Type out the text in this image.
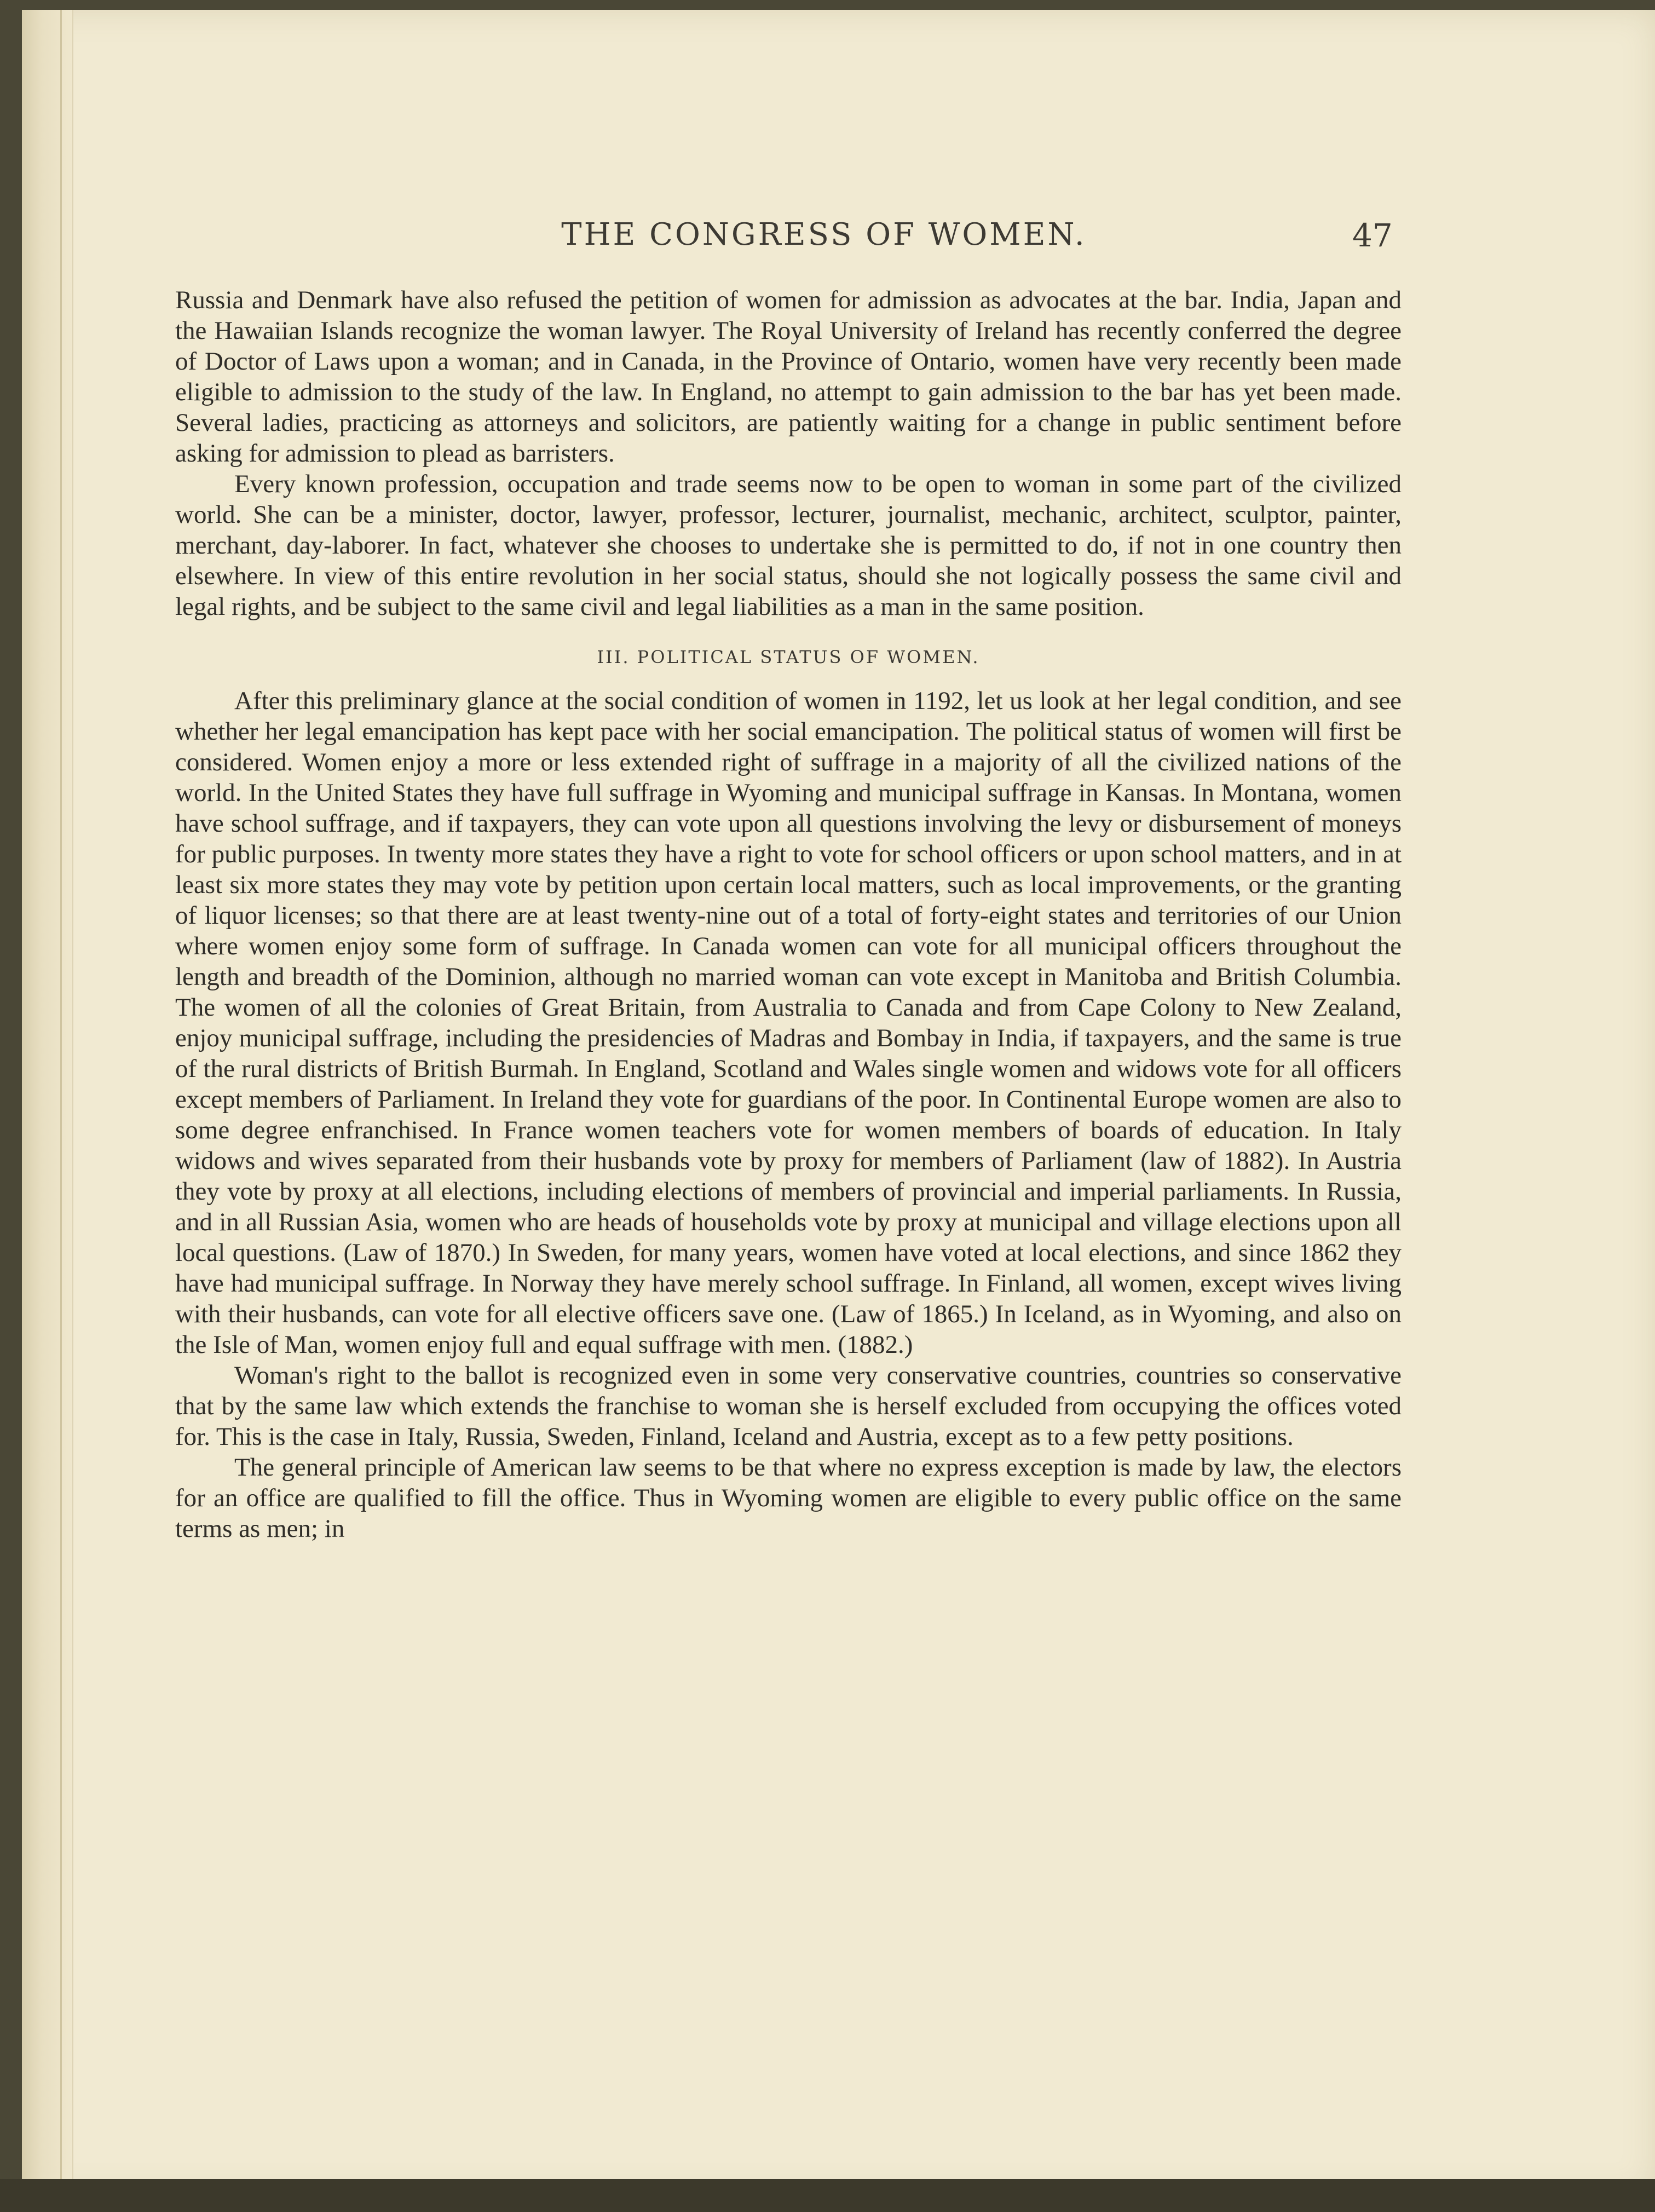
THE CONGRESS OF WOMEN.	47

Russia and Denmark have also refused the petition of women for admission as advocates at the bar. India, Japan and the Hawaiian Islands recognize the woman lawyer. The Royal University of Ireland has recently conferred the degree of Doctor of Laws upon a woman; and in Canada, in the Province of Ontario, women have very recently been made eligible to admission to the study of the law. In England, no attempt to gain admission to the bar has yet been made. Several ladies, practicing as attorneys and solicitors, are patiently waiting for a change in public sentiment before asking for admission to plead as barristers.

Every known profession, occupation and trade seems now to be open to woman in some part of the civilized world. She can be a minister, doctor, lawyer, professor, lecturer, journalist, mechanic, architect, sculptor, painter, merchant, day-laborer. In fact, whatever she chooses to undertake she is permitted to do, if not in one country then elsewhere. In view of this entire revolution in her social status, should she not logically possess the same civil and legal rights, and be subject to the same civil and legal liabilities as a man in the same position.

III. POLITICAL STATUS OF WOMEN.

After this preliminary glance at the social condition of women in 1192, let us look at her legal condition, and see whether her legal emancipation has kept pace with her social emancipation. The political status of women will first be considered. Women enjoy a more or less extended right of suffrage in a majority of all the civilized nations of the world. In the United States they have full suffrage in Wyoming and municipal suffrage in Kansas. In Montana, women have school suffrage, and if taxpayers, they can vote upon all questions involving the levy or disbursement of moneys for public purposes. In twenty more states they have a right to vote for school officers or upon school matters, and in at least six more states they may vote by petition upon certain local matters, such as local improvements, or the granting of liquor licenses; so that there are at least twenty-nine out of a total of forty-eight states and territories of our Union where women enjoy some form of suffrage. In Canada women can vote for all municipal officers throughout the length and breadth of the Dominion, although no married woman can vote except in Manitoba and British Columbia. The women of all the colonies of Great Britain, from Australia to Canada and from Cape Colony to New Zealand, enjoy municipal suffrage, including the presidencies of Madras and Bombay in India, if taxpayers, and the same is true of the rural districts of British Burmah. In England, Scotland and Wales single women and widows vote for all officers except members of Parliament. In Ireland they vote for guardians of the poor. In Continental Europe women are also to some degree enfranchised. In France women teachers vote for women members of boards of education. In Italy widows and wives separated from their husbands vote by proxy for members of Parliament (law of 1882). In Austria they vote by proxy at all elections, including elections of members of provincial and imperial parliaments. In Russia, and in all Russian Asia, women who are heads of households vote by proxy at municipal and village elections upon all local questions. (Law of 1870.) In Sweden, for many years, women have voted at local elections, and since 1862 they have had municipal suffrage. In Norway they have merely school suffrage. In Finland, all women, except wives living with their husbands, can vote for all elective officers save one. (Law of 1865.) In Iceland, as in Wyoming, and also on the Isle of Man, women enjoy full and equal suffrage with men. (1882.)

Woman's right to the ballot is recognized even in some very conservative countries, countries so conservative that by the same law which extends the franchise to woman she is herself excluded from occupying the offices voted for. This is the case in Italy, Russia, Sweden, Finland, Iceland and Austria, except as to a few petty positions.

The general principle of American law seems to be that where no express exception is made by law, the electors for an office are qualified to fill the office. Thus in Wyoming women are eligible to every public office on the same terms as men; in
